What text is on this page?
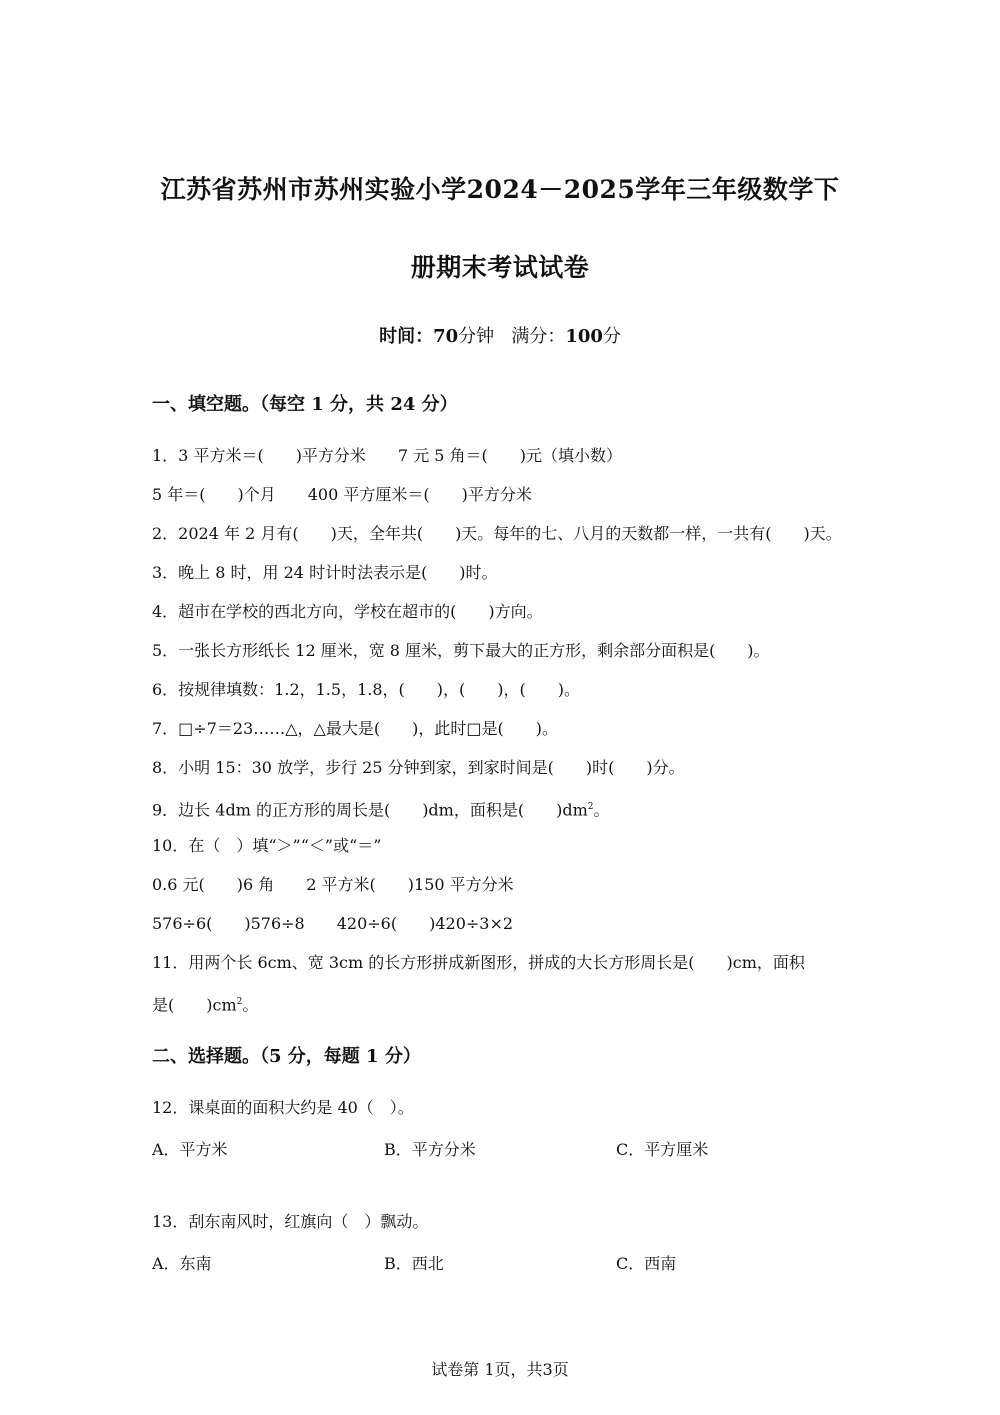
江苏省苏州市苏州实验小学2024－2025学年三年级数学下
册期末考试试卷
时间：70分钟 满分：100分
一、填空题。（每空 1 分，共 24 分）
1．3 平方米＝(　　)平方分米　　7 元 5 角＝(　　)元（填小数）
5 年＝(　　)个月　　400 平方厘米＝(　　)平方分米
2．2024 年 2 月有(　　)天，全年共(　　)天。每年的七、八月的天数都一样，一共有(　　)天。
3．晚上 8 时，用 24 时计时法表示是(　　)时。
4．超市在学校的西北方向，学校在超市的(　　)方向。
5．一张长方形纸长 12 厘米，宽 8 厘米，剪下最大的正方形，剩余部分面积是(　　)。
6．按规律填数：1.2，1.5，1.8，(　　)，(　　)，(　　)。
7．□÷7＝23……△，△最大是(　　)，此时□是(　　)。
8．小明 15：30 放学，步行 25 分钟到家，到家时间是(　　)时(　　)分。
9．边长 4dm 的正方形的周长是(　　)dm，面积是(　　)$dm^2$。
10．在（　）填“＞”“＜”或“＝”
0.6 元(　　)6 角　　2 平方米(　　)150 平方分米
576÷6(　　)576÷8　　420÷6(　　)420÷3×2
11．用两个长 6cm、宽 3cm 的长方形拼成新图形，拼成的大长方形周长是(　　)cm，面积
是(　　)$cm^2$。
二、选择题。（5 分，每题 1 分）
12．课桌面的面积大约是 40（　）。
A．平方米	B．平方分米	C．平方厘米
13．刮东南风时，红旗向（　）飘动。
A．东南	B．西北	C．西南
试卷第 1页，共3页
